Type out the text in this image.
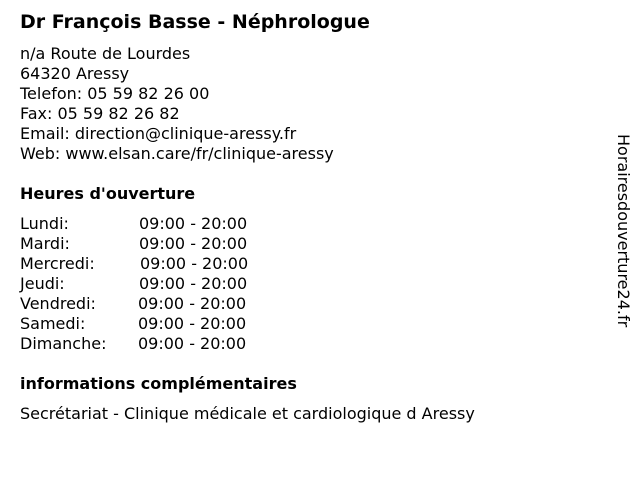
Dr François Basse - Néphrologue
n/a Route de Lourdes
64320 Aressy
Telefon: 05 59 82 26 00
Fax: 05 59 82 26 82
Email: direction@clinique-aressy.fr
Web: www.elsan.care/fr/clinique-aressy
Heures d'ouverture
Lundi:	09:00 - 20:00
Mardi:	09:00 - 20:00
Mercredi:	09:00 - 20:00
Jeudi:	09:00 - 20:00
Vendredi:	09:00 - 20:00
Samedi:	09:00 - 20:00
Dimanche: 09:00 - 20:00
informations complémentaires
Secrétariat - Clinique médicale et cardiologique d Aressy
Horairesdouverture24.fr
